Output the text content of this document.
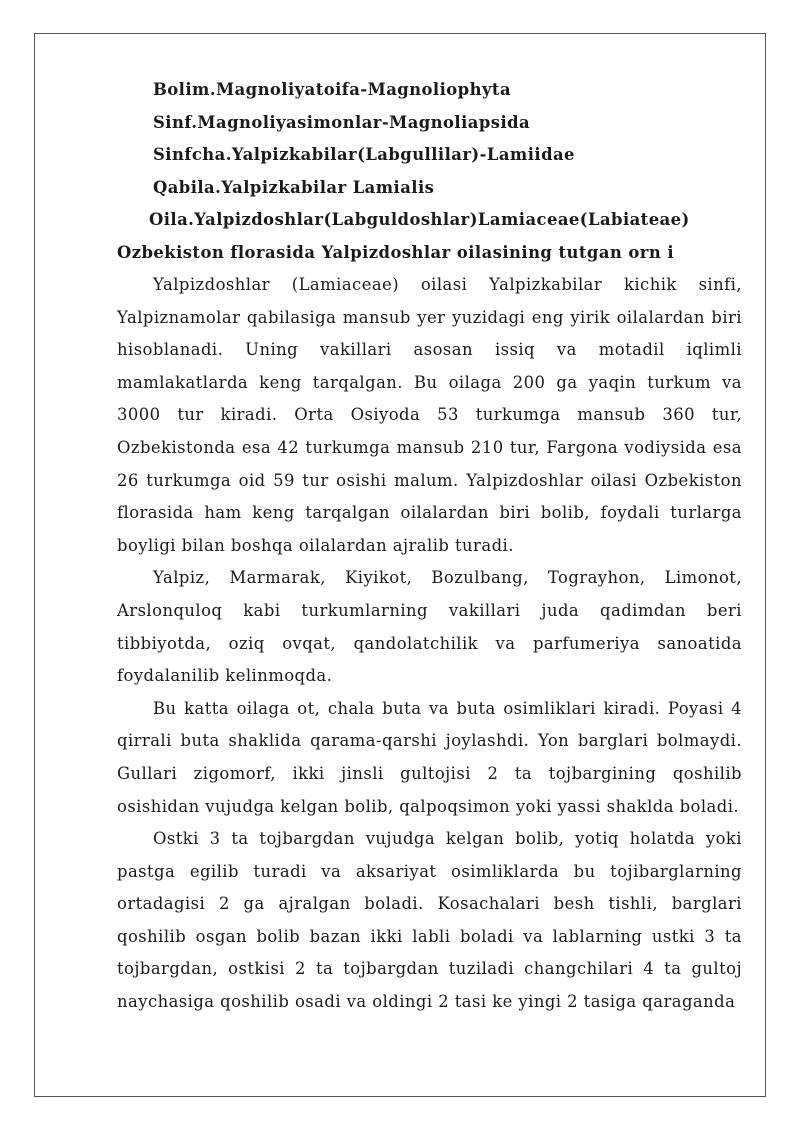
Bolim.Magnoliyatoifa-Magnoliophyta
Sinf.Magnoliyasimonlar-Magnoliapsida
Sinfcha.Yalpizkabilar(Labgullilar)-Lamiidae
Qabila.Yalpizkabilar Lamialis
Oila.Yalpizdoshlar(Labguldoshlar)Lamiaceae(Labiateae)
Ozbekiston florasida Yalpizdoshlar oilasining tutgan orn i

Yalpizdoshlar (Lamiaceae) oilasi Yalpizkabilar kichik sinfi, Yalpiznamolar qabilasiga mansub yer yuzidagi eng yirik oilalardan biri hisoblanadi. Uning vakillari asosan issiq va motadil iqlimli mamlakatlarda keng tarqalgan. Bu oilaga 200 ga yaqin turkum va 3000 tur kiradi. Orta Osiyoda 53 turkumga mansub 360 tur, Ozbekistonda esa 42 turkumga mansub 210 tur, Fargona vodiysida esa 26 turkumga oid 59 tur osishi malum. Yalpizdoshlar oilasi Ozbekiston florasida ham keng tarqalgan oilalardan biri bolib, foydali turlarga boyligi bilan boshqa oilalardan ajralib turadi.

Yalpiz, Marmarak, Kiyikot, Bozulbang, Tograyhon, Limonot, Arslonquloq kabi turkumlarning vakillari juda qadimdan beri tibbiyotda, oziq ovqat, qandolatchilik va parfumeriya sanoatida foydalanilib kelinmoqda.

Bu katta oilaga ot, chala buta va buta osimliklari kiradi. Poyasi 4 qirrali buta shaklida qarama-qarshi joylashdi. Yon barglari bolmaydi. Gullari zigomorf, ikki jinsli gultojisi 2 ta tojbargining qoshilib osishidan vujudga kelgan bolib, qalpoqsimon yoki yassi shaklda boladi.

Ostki 3 ta tojbargdan vujudga kelgan bolib, yotiq holatda yoki pastga egilib turadi va aksariyat osimliklarda bu tojibarglarning ortadagisi 2 ga ajralgan boladi. Kosachalari besh tishli, barglari qoshilib osgan bolib bazan ikki labli boladi va lablarning ustki 3 ta tojbargdan, ostkisi 2 ta tojbargdan tuziladi changchilari 4 ta gultoj naychasiga qoshilib osadi va oldingi 2 tasi ke yingi 2 tasiga qaraganda
